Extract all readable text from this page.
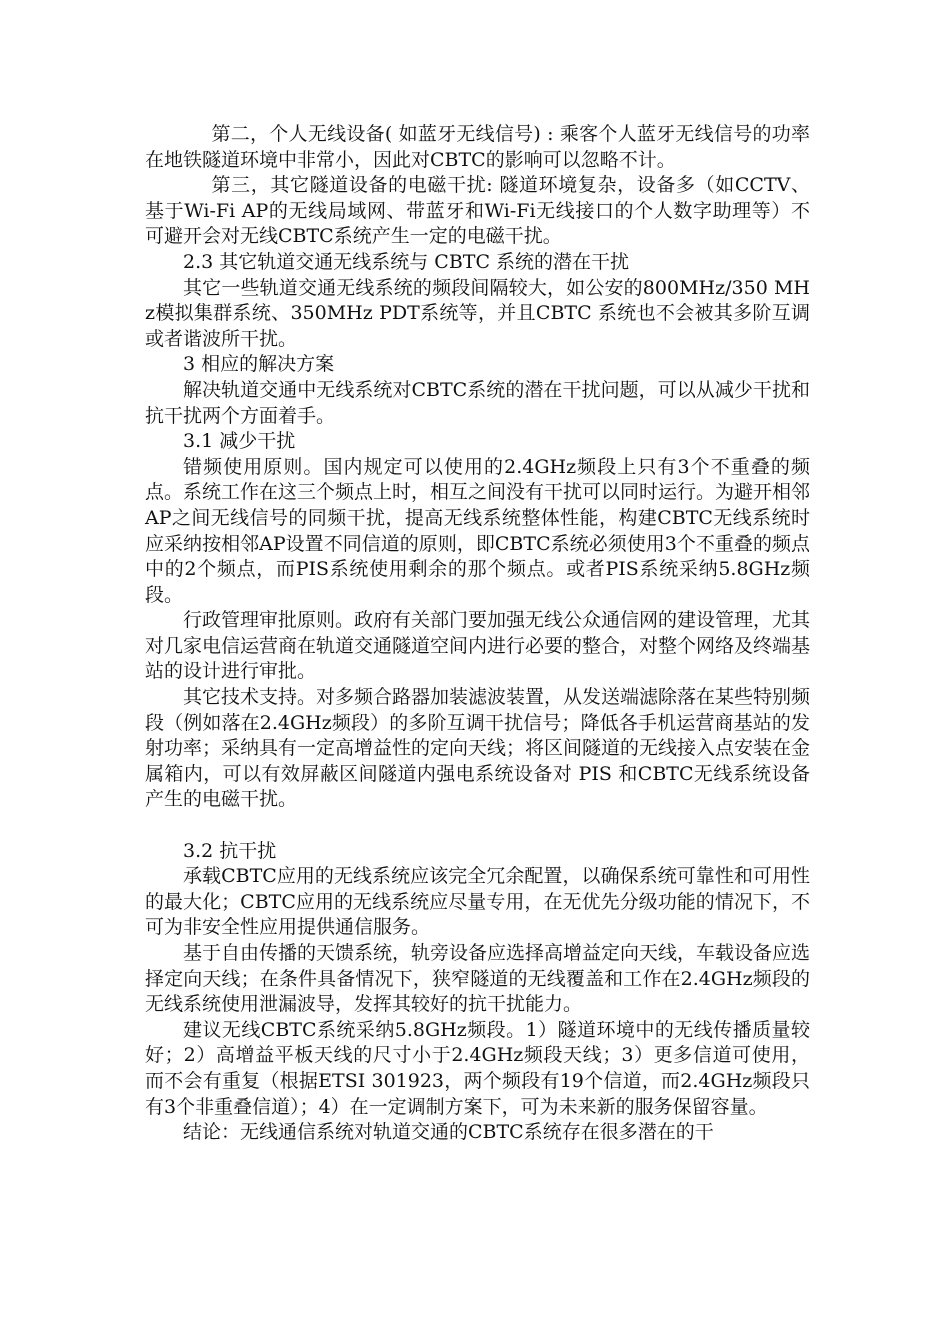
第二，个人无线设备( 如蓝牙无线信号) : 乘客个人蓝牙无线信号的功率在地铁隧道环境中非常小，因此对CBTC的影响可以忽略不计。

第三，其它隧道设备的电磁干扰: 隧道环境复杂，设备多（如CCTV、基于Wi-Fi AP的无线局域网、带蓝牙和Wi-Fi无线接口的个人数字助理等）不可避开会对无线CBTC系统产生一定的电磁干扰。

2.3 其它轨道交通无线系统与 CBTC 系统的潜在干扰

其它一些轨道交通无线系统的频段间隔较大，如公安的800MHz/350 MHz模拟集群系统、350MHz PDT系统等，并且CBTC 系统也不会被其多阶互调或者谐波所干扰。

3 相应的解决方案

解决轨道交通中无线系统对CBTC系统的潜在干扰问题，可以从减少干扰和抗干扰两个方面着手。

3.1 减少干扰

错频使用原则。国内规定可以使用的2.4GHz频段上只有3个不重叠的频点。系统工作在这三个频点上时，相互之间没有干扰可以同时运行。为避开相邻AP之间无线信号的同频干扰，提高无线系统整体性能，构建CBTC无线系统时应采纳按相邻AP设置不同信道的原则，即CBTC系统必须使用3个不重叠的频点中的2个频点，而PIS系统使用剩余的那个频点。或者PIS系统采纳5.8GHz频段。

行政管理审批原则。政府有关部门要加强无线公众通信网的建设管理，尤其对几家电信运营商在轨道交通隧道空间内进行必要的整合，对整个网络及终端基站的设计进行审批。

其它技术支持。对多频合路器加装滤波装置，从发送端滤除落在某些特别频段（例如落在2.4GHz频段）的多阶互调干扰信号；降低各手机运营商基站的发射功率；采纳具有一定高增益性的定向天线；将区间隧道的无线接入点安装在金属箱内，可以有效屏蔽区间隧道内强电系统设备对 PIS 和CBTC无线系统设备产生的电磁干扰。

3.2 抗干扰

承载CBTC应用的无线系统应该完全冗余配置，以确保系统可靠性和可用性的最大化；CBTC应用的无线系统应尽量专用，在无优先分级功能的情况下，不可为非安全性应用提供通信服务。

基于自由传播的天馈系统，轨旁设备应选择高增益定向天线，车载设备应选择定向天线；在条件具备情况下，狭窄隧道的无线覆盖和工作在2.4GHz频段的无线系统使用泄漏波导，发挥其较好的抗干扰能力。

建议无线CBTC系统采纳5.8GHz频段。1）隧道环境中的无线传播质量较好；2）高增益平板天线的尺寸小于2.4GHz频段天线；3）更多信道可使用，而不会有重复（根据ETSI 301923，两个频段有19个信道，而2.4GHz频段只有3个非重叠信道）；4）在一定调制方案下，可为未来新的服务保留容量。

结论：无线通信系统对轨道交通的CBTC系统存在很多潜在的干
